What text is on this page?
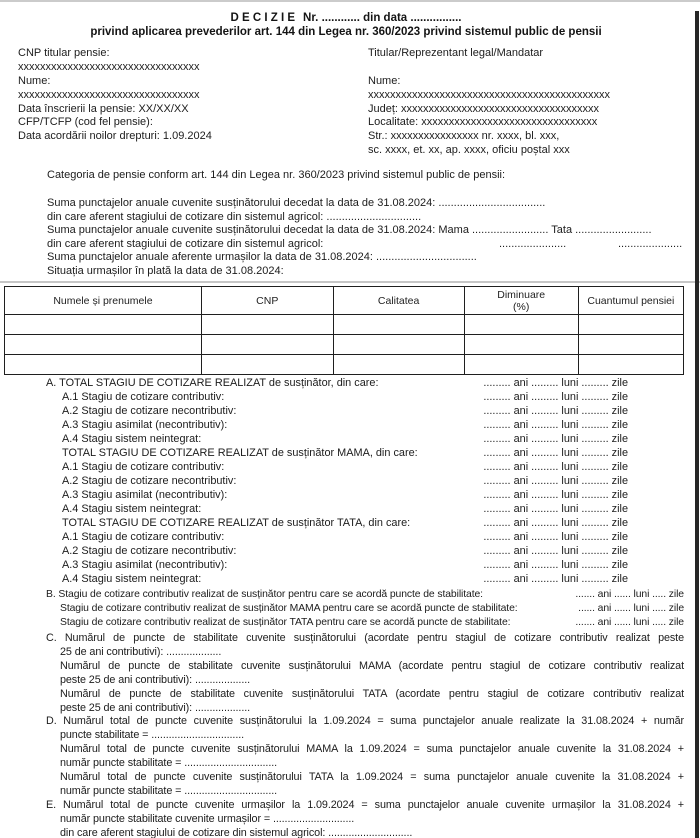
D E C I Z I E Nr. ............ din data ................
privind aplicarea prevederilor art. 144 din Legea nr. 360/2023 privind sistemul public de pensii
CNP titular pensie:
xxxxxxxxxxxxxxxxxxxxxxxxxxxxxxxxx
Nume:
xxxxxxxxxxxxxxxxxxxxxxxxxxxxxxxxx
Data înscrierii la pensie: XX/XX/XX
CFP/TCFP (cod fel pensie):
Data acordării noilor drepturi: 1.09.2024
Titular/Reprezentant legal/Mandatar
Nume:
xxxxxxxxxxxxxxxxxxxxxxxxxxxxxxxxxxxxxxxxxxxx
Județ: xxxxxxxxxxxxxxxxxxxxxxxxxxxxxxxxxxxx
Localitate: xxxxxxxxxxxxxxxxxxxxxxxxxxxxxxxx
Str.: xxxxxxxxxxxxxxxx nr. xxxx, bl. xxx,
sc. xxxx, et. xx, ap. xxxx, oficiu poștal xxx
Categoria de pensie conform art. 144 din Legea nr. 360/2023 privind sistemul public de pensii:
Suma punctajelor anuale cuvenite susținătorului decedat la data de 31.08.2024: ...................................
din care aferent stagiului de cotizare din sistemul agricol: ...............................
Suma punctajelor anuale cuvenite susținătorului decedat la data de 31.08.2024: Mama ......................... Tata .........................
din care aferent stagiului de cotizare din sistemul agricol:	......................	.....................
Suma punctajelor anuale aferente urmașilor la data de 31.08.2024: .................................
Situația urmașilor în plată la data de 31.08.2024:
Numele și prenumele	CNP	Calitatea	Diminuare
(%)	Cuantumul pensiei

A. TOTAL STAGIU DE COTIZARE REALIZAT de susținător, din care:	......... ani ......... luni ......... zile
A.1 Stagiu de cotizare contributiv:	......... ani ......... luni ......... zile
A.2 Stagiu de cotizare necontributiv:	......... ani ......... luni ......... zile
A.3 Stagiu asimilat (necontributiv):	......... ani ......... luni ......... zile
A.4 Stagiu sistem neintegrat:	......... ani ......... luni ......... zile
TOTAL STAGIU DE COTIZARE REALIZAT de susținător MAMA, din care:	......... ani ......... luni ......... zile
A.1 Stagiu de cotizare contributiv:	......... ani ......... luni ......... zile
A.2 Stagiu de cotizare necontributiv:	......... ani ......... luni ......... zile
A.3 Stagiu asimilat (necontributiv):	......... ani ......... luni ......... zile
A.4 Stagiu sistem neintegrat:	......... ani ......... luni ......... zile
TOTAL STAGIU DE COTIZARE REALIZAT de susținător TATA, din care:	......... ani ......... luni ......... zile
A.1 Stagiu de cotizare contributiv:	......... ani ......... luni ......... zile
A.2 Stagiu de cotizare necontributiv:	......... ani ......... luni ......... zile
A.3 Stagiu asimilat (necontributiv):	......... ani ......... luni ......... zile
A.4 Stagiu sistem neintegrat:	......... ani ......... luni ......... zile
B. Stagiu de cotizare contributiv realizat de susținător pentru care se acordă puncte de stabilitate:	....... ani ...... luni ..... zile
Stagiu de cotizare contributiv realizat de susținător MAMA pentru care se acordă puncte de stabilitate:	...... ani ...... luni ..... zile
Stagiu de cotizare contributiv realizat de susținător TATA pentru care se acordă puncte de stabilitate:	....... ani ...... luni ..... zile
C. Numărul de puncte de stabilitate cuvenite susținătorului (acordate pentru stagiul de cotizare contributiv realizat peste
25 de ani contributivi): ...................
Numărul de puncte de stabilitate cuvenite susținătorului MAMA (acordate pentru stagiul de cotizare contributiv realizat
peste 25 de ani contributivi): ...................
Numărul de puncte de stabilitate cuvenite susținătorului TATA (acordate pentru stagiul de cotizare contributiv realizat
peste 25 de ani contributivi): ...................
D. Numărul total de puncte cuvenite susținătorului la 1.09.2024 = suma punctajelor anuale realizate la 31.08.2024 + număr
puncte stabilitate = ................................
Numărul total de puncte cuvenite susținătorului MAMA la 1.09.2024 = suma punctajelor anuale cuvenite la 31.08.2024 +
număr puncte stabilitate = ................................
Numărul total de puncte cuvenite susținătorului TATA la 1.09.2024 = suma punctajelor anuale cuvenite la 31.08.2024 +
număr puncte stabilitate = ................................
E. Numărul total de puncte cuvenite urmașilor la 1.09.2024 = suma punctajelor anuale cuvenite urmașilor la 31.08.2024 +
număr puncte stabilitate cuvenite urmașilor = ............................
din care aferent stagiului de cotizare din sistemul agricol: .............................
